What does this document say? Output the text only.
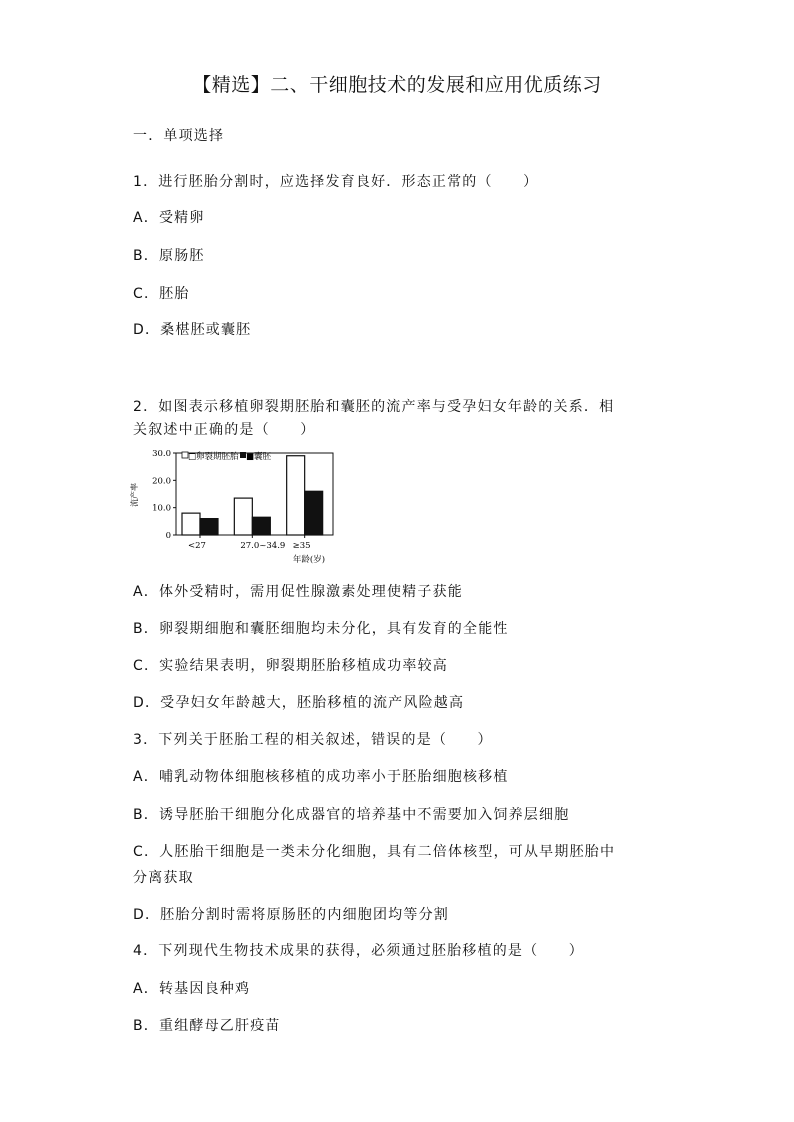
【精选】二、干细胞技术的发展和应用优质练习
一．单项选择
1．进行胚胎分割时，应选择发育良好．形态正常的（　　）
A．受精卵
B．原肠胚
C．胚胎
D．桑椹胚或囊胚
2．如图表示移植卵裂期胚胎和囊胚的流产率与受孕妇女年龄的关系．相
关叙述中正确的是（　　）
流产率
□卵裂期胚胎 ■囊胚
年龄(岁)
30.0
20.0
10.0
0
<27	27.0~34.9 ≥35
A．体外受精时，需用促性腺激素处理使精子获能
B．卵裂期细胞和囊胚细胞均未分化，具有发育的全能性
C．实验结果表明，卵裂期胚胎移植成功率较高
D．受孕妇女年龄越大，胚胎移植的流产风险越高
3．下列关于胚胎工程的相关叙述，错误的是（　　）
A．哺乳动物体细胞核移植的成功率小于胚胎细胞核移植
B．诱导胚胎干细胞分化成器官的培养基中不需要加入饲养层细胞
C．人胚胎干细胞是一类未分化细胞，具有二倍体核型，可从早期胚胎中
分离获取
D．胚胎分割时需将原肠胚的内细胞团均等分割
4．下列现代生物技术成果的获得，必须通过胚胎移植的是（　　）
A．转基因良种鸡
B．重组酵母乙肝疫苗
